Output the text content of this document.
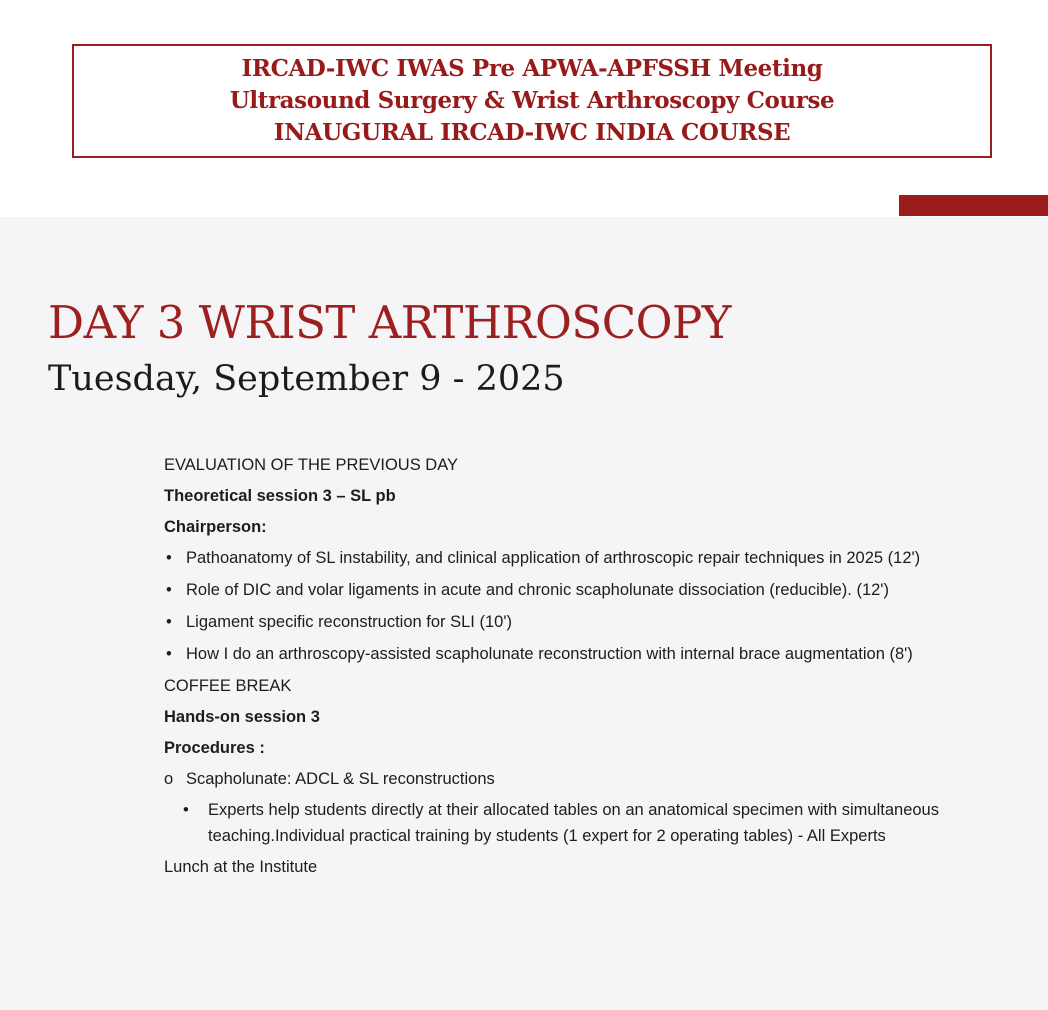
IRCAD-IWC IWAS Pre APWA-APFSSH Meeting
Ultrasound Surgery & Wrist Arthroscopy Course
INAUGURAL IRCAD-IWC INDIA COURSE
DAY 3 WRIST ARTHROSCOPY
Tuesday, September 9 - 2025
EVALUATION OF THE PREVIOUS DAY
Theoretical session 3 – SL pb
Chairperson:
• Pathoanatomy of SL instability, and clinical application of arthroscopic repair techniques in 2025 (12')
• Role of DIC and volar ligaments in acute and chronic scapholunate dissociation (reducible). (12')
• Ligament specific reconstruction for SLI (10')
• How I do an arthroscopy-assisted scapholunate reconstruction with internal brace augmentation (8')
COFFEE BREAK
Hands-on session 3
Procedures :
o Scapholunate: ADCL & SL reconstructions
• Experts help students directly at their allocated tables on an anatomical specimen with simultaneous teaching.Individual practical training by students (1 expert for 2 operating tables) - All Experts
Lunch at the Institute
